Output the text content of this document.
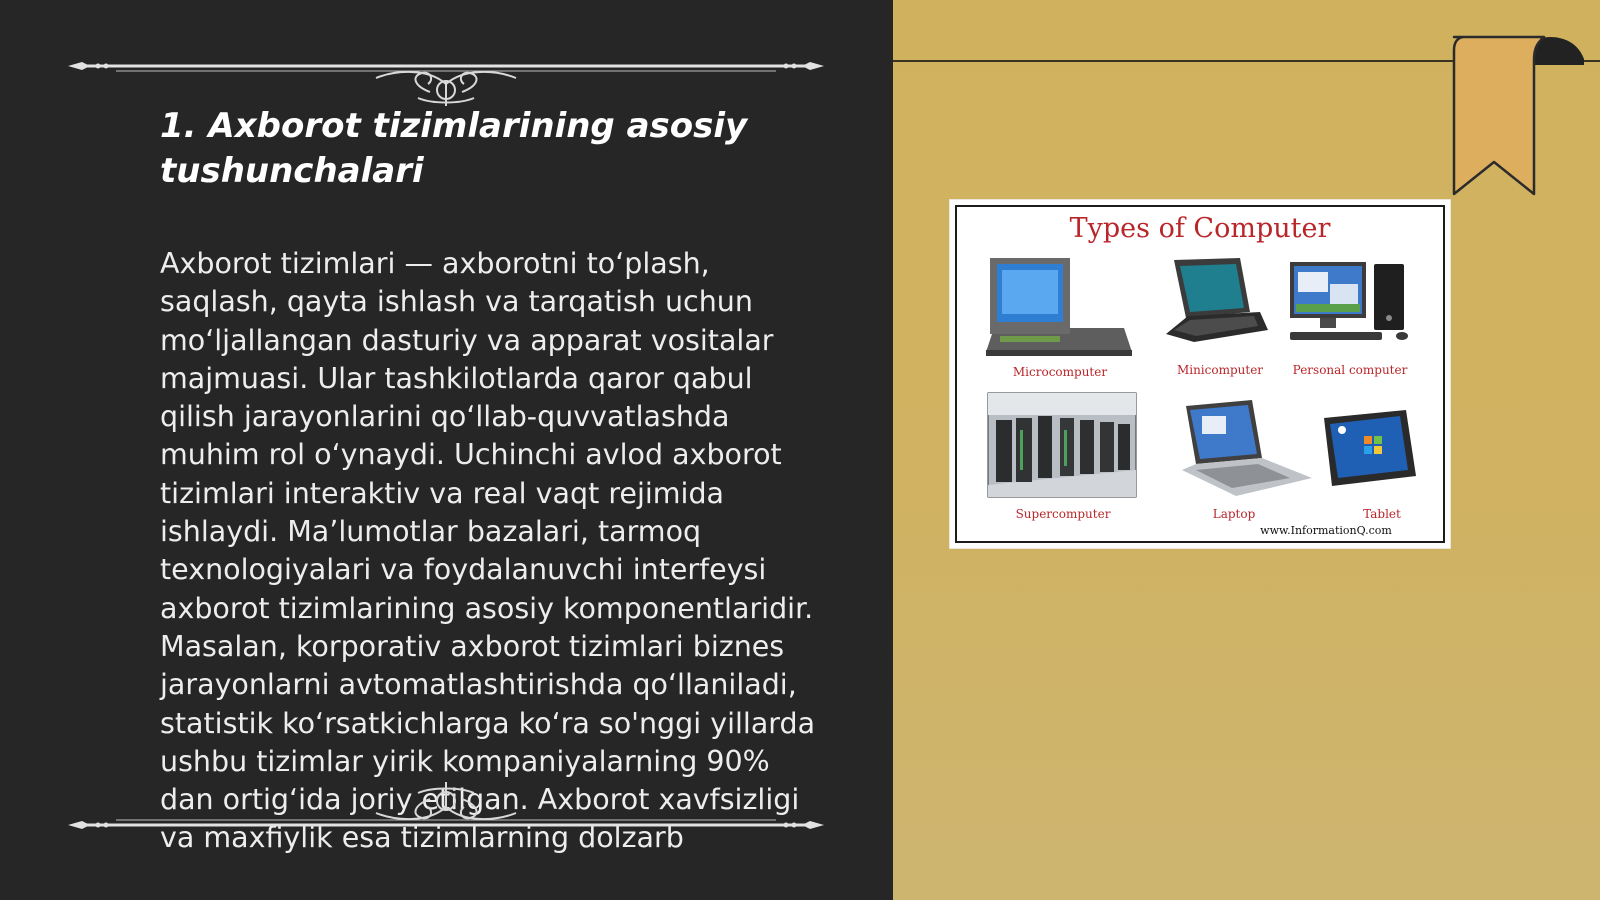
1. Axborot tizimlarining asosiy tushunchalari

Axborot tizimlari — axborotni toʻplash, saqlash, qayta ishlash va tarqatish uchun moʻljallangan dasturiy va apparat vositalar majmuasi. Ular tashkilotlarda qaror qabul qilish jarayonlarini qoʻllab-quvvatlashda muhim rol oʻynaydi. Uchinchi avlod axborot tizimlari interaktiv va real vaqt rejimida ishlaydi. Maʼlumotlar bazalari, tarmoq texnologiyalari va foydalanuvchi interfeysi axborot tizimlarining asosiy komponentlaridir. Masalan, korporativ axborot tizimlari biznes jarayonlarni avtomatlashtirishda qoʻllaniladi, statistik koʻrsatkichlarga koʻra so'nggi yillarda ushbu tizimlar yirik kompaniyalarning 90% dan ortigʻida joriy etilgan. Axborot xavfsizligi va maxfiylik esa tizimlarning dolzarb

Types of Computer
Microcomputer	Minicomputer Personal computer
Supercomputer	Laptop	Tablet
www.InformationQ.com
